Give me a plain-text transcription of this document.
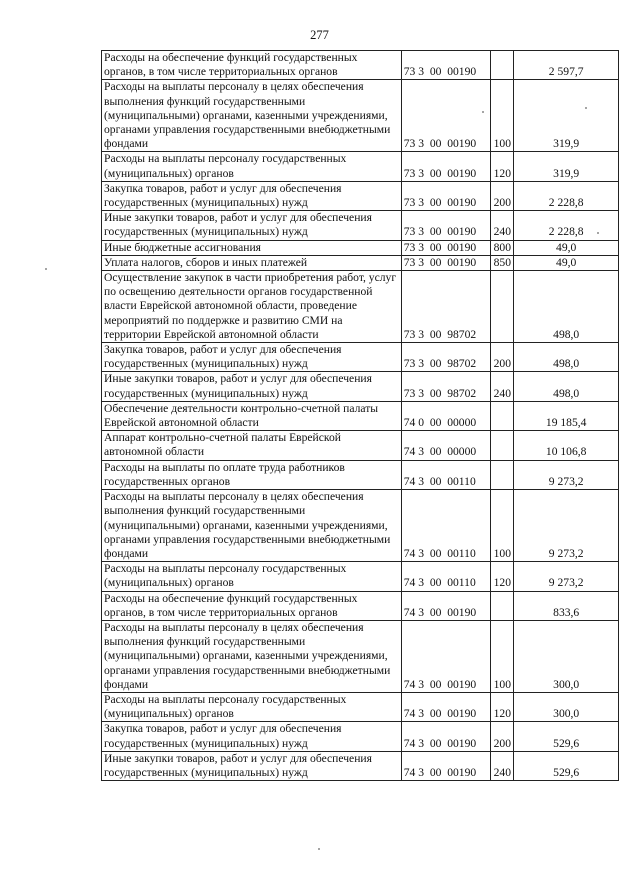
277
Расходы на обеспечение функций государственных органов, в том числе территориальных органов	73 3  00  00190		2 597,7
Расходы на выплаты персоналу в целях обеспечения выполнения функций государственными (муниципальными) органами, казенными учреждениями, органами управления государственными внебюджетными фондами	73 3  00  00190	100	319,9
Расходы на выплаты персоналу государственных (муниципальных) органов	73 3  00  00190	120	319,9
Закупка товаров, работ и услуг для обеспечения государственных (муниципальных) нужд	73 3  00  00190	200	2 228,8
Иные закупки товаров, работ и услуг для обеспечения государственных (муниципальных) нужд	73 3  00  00190	240	2 228,8
Иные бюджетные ассигнования	73 3  00  00190	800	49,0
Уплата налогов, сборов и иных платежей	73 3  00  00190	850	49,0
Осуществление закупок в части приобретения работ, услуг по освещению деятельности органов государственной власти Еврейской автономной области, проведение мероприятий по поддержке и развитию СМИ на территории Еврейской автономной области	73 3  00  98702		498,0
Закупка товаров, работ и услуг для обеспечения государственных (муниципальных) нужд	73 3  00  98702	200	498,0
Иные закупки товаров, работ и услуг для обеспечения государственных (муниципальных) нужд	73 3  00  98702	240	498,0
Обеспечение деятельности контрольно-счетной палаты Еврейской автономной области	74 0  00  00000		19 185,4
Аппарат контрольно-счетной палаты Еврейской автономной области	74 3  00  00000		10 106,8
Расходы на выплаты по оплате труда работников государственных органов	74 3  00  00110		9 273,2
Расходы на выплаты персоналу в целях обеспечения выполнения функций государственными (муниципальными) органами, казенными учреждениями, органами управления государственными внебюджетными фондами	74 3  00  00110	100	9 273,2
Расходы на выплаты персоналу государственных (муниципальных) органов	74 3  00  00110	120	9 273,2
Расходы на обеспечение функций государственных органов, в том числе территориальных органов	74 3  00  00190		833,6
Расходы на выплаты персоналу в целях обеспечения выполнения функций государственными (муниципальными) органами, казенными учреждениями, органами управления государственными внебюджетными фондами	74 3  00  00190	100	300,0
Расходы на выплаты персоналу государственных (муниципальных) органов	74 3  00  00190	120	300,0
Закупка товаров, работ и услуг для обеспечения государственных (муниципальных) нужд	74 3  00  00190	200	529,6
Иные закупки товаров, работ и услуг для обеспечения государственных (муниципальных) нужд	74 3  00  00190	240	529,6
